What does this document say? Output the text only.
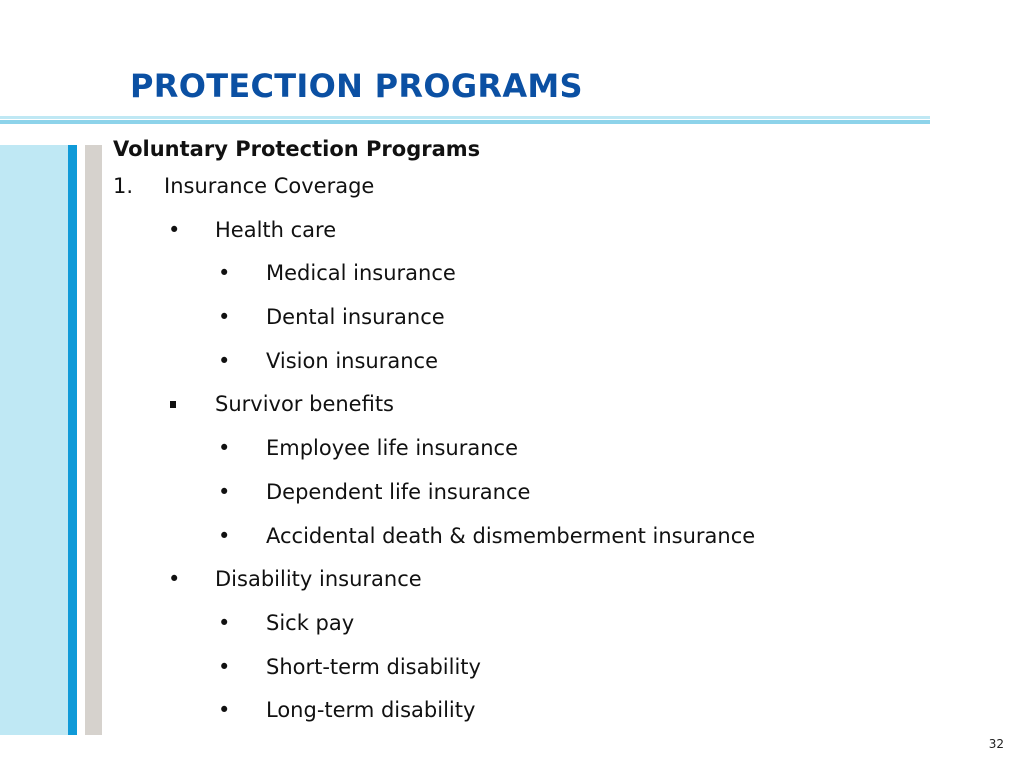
PROTECTION PROGRAMS
Voluntary Protection Programs
1. Insurance Coverage
• Health care
• Medical insurance
• Dental insurance
• Vision insurance
Survivor benefits
• Employee life insurance
• Dependent life insurance
• Accidental death & dismemberment insurance
• Disability insurance
• Sick pay
• Short-term disability
• Long-term disability
32
